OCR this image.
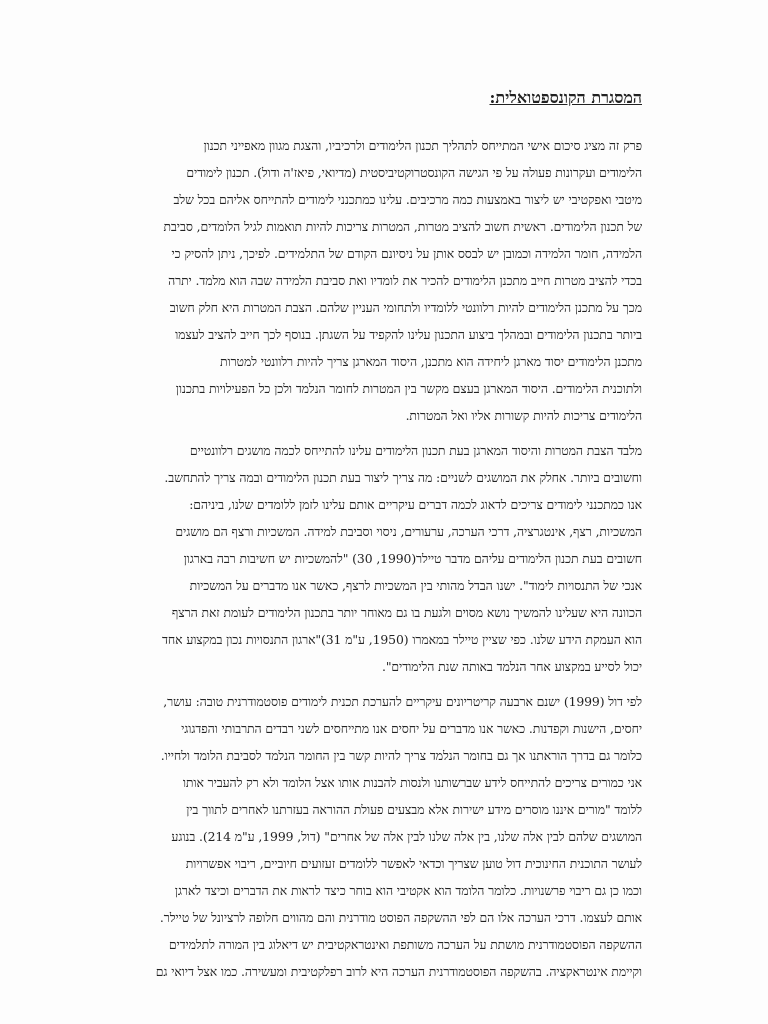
המסגרת הקונספטואלית:
פרק זה מציג סיכום אישי המתייחס לתהליך תכנון הלימודים ולרכיביו, והצגת מגוון מאפייני תכנון
הלימודים ועקרונות פעולה על פי הגישה הקונסטרוקטיביסטית (מדיואי, פיאז'ה ודול). תכנון לימודים
מיטבי ואפקטיבי יש ליצור באמצעות כמה מרכיבים. עלינו כמתכנני לימודים להתייחס אליהם בכל שלב
של תכנון הלימודים. ראשית חשוב להציב מטרות, המטרות צריכות להיות תואמות לגיל הלומדים, סביבת
הלמידה, חומר הלמידה וכמובן יש לבסס אותן על ניסיונם הקודם של התלמידים. לפיכך, ניתן להסיק כי
בכדי להציב מטרות חייב מתכנן הלימודים להכיר את לומדיו ואת סביבת הלמידה שבה הוא מלמד. יתרה
מכך על מתכנן הלימודים להיות רלוונטי ללומדיו ולתחומי העניין שלהם. הצבת המטרות היא חלק חשוב
ביותר בתכנון הלימודים ובמהלך ביצוע התכנון עלינו להקפיד על השגתן. בנוסף לכך חייב להציב לעצמו
מתכנן הלימודים יסוד מארגן ליחידה הוא מתכנן, היסוד המארגן צריך להיות רלוונטי למטרות
ולתוכנית הלימודים. היסוד המארגן בעצם מקשר בין המטרות לחומר הנלמד ולכן כל הפעילויות בתכנון
הלימודים צריכות להיות קשורות אליו ואל המטרות.
מלבד הצבת המטרות והיסוד המארגן בעת תכנון הלימודים עלינו להתייחס לכמה מושגים רלוונטיים
וחשובים ביותר. אחלק את המושגים לשניים: מה צריך ליצור בעת תכנון הלימודים ובמה צריך להתחשב.
אנו כמתכנני לימודים צריכים לדאוג לכמה דברים עיקריים אותם עלינו לזמן ללומדים שלנו, ביניהם:
המשכיות, רצף, אינטגרציה, דרכי הערכה, ערעורים, ניסוי וסביבת למידה. המשכיות ורצף הם מושגים
חשובים בעת תכנון הלימודים עליהם מדבר טיילר(1990, 30) "להמשכיות יש חשיבות רבה בארגון
אנכי של התנסויות לימוד". ישנו הבדל מהותי בין המשכיות לרצף, כאשר אנו מדברים על המשכיות
הכוונה היא שעלינו להמשיך נושא מסוים ולגעת בו גם מאוחר יותר בתכנון הלימודים לעומת זאת הרצף
הוא העמקת הידע שלנו. כפי שציין טיילר במאמרו (1950, ע"מ 31)"ארגון התנסויות נכון במקצוע אחד
יכול לסייע במקצוע אחר הנלמד באותה שנת הלימודים".
לפי דול (1999) ישנם ארבעה קריטריונים עיקריים להערכת תכנית לימודים פוסטמודרנית טובה: עושר,
יחסים, הישנות וקפדנות. כאשר אנו מדברים על יחסים אנו מתייחסים לשני רבדים התרבותי והפדגוגי
כלומר גם בדרך הוראתנו אך גם בחומר הנלמד צריך להיות קשר בין החומר הנלמד לסביבת הלומד ולחייו.
אני כמורים צריכים להתייחס לידע שברשותנו ולנסות להבנות אותו אצל הלומד ולא רק להעביר אותו
ללומד "מורים איננו מוסרים מידע ישירות אלא מבצעים פעולת ההוראה בעזרתנו לאחרים לתווך בין
המושגים שלהם לבין אלה שלנו, בין אלה שלנו לבין אלה של אחרים" (דול, 1999, ע"מ 214). בנוגע
לעושר התוכנית החינוכית דול טוען שצריך וכדאי לאפשר ללומדים זעזועים חיוביים, ריבוי אפשרויות
וכמו כן גם ריבוי פרשנויות. כלומר הלומד הוא אקטיבי הוא בוחר כיצד לראות את הדברים וכיצד לארגן
אותם לעצמו. דרכי הערכה אלו הם לפי ההשקפה הפוסט מודרנית והם מהווים חלופה לרציונל של טיילר.
ההשקפה הפוסטמודרנית מושתת על הערכה משותפת ואינטראקטיבית יש דיאלוג בין המורה לתלמידים
וקיימת אינטראקציה. בהשקפה הפוסטמודרנית הערכה היא לרוב רפלקטיבית ומעשירה. כמו אצל דיואי גם
